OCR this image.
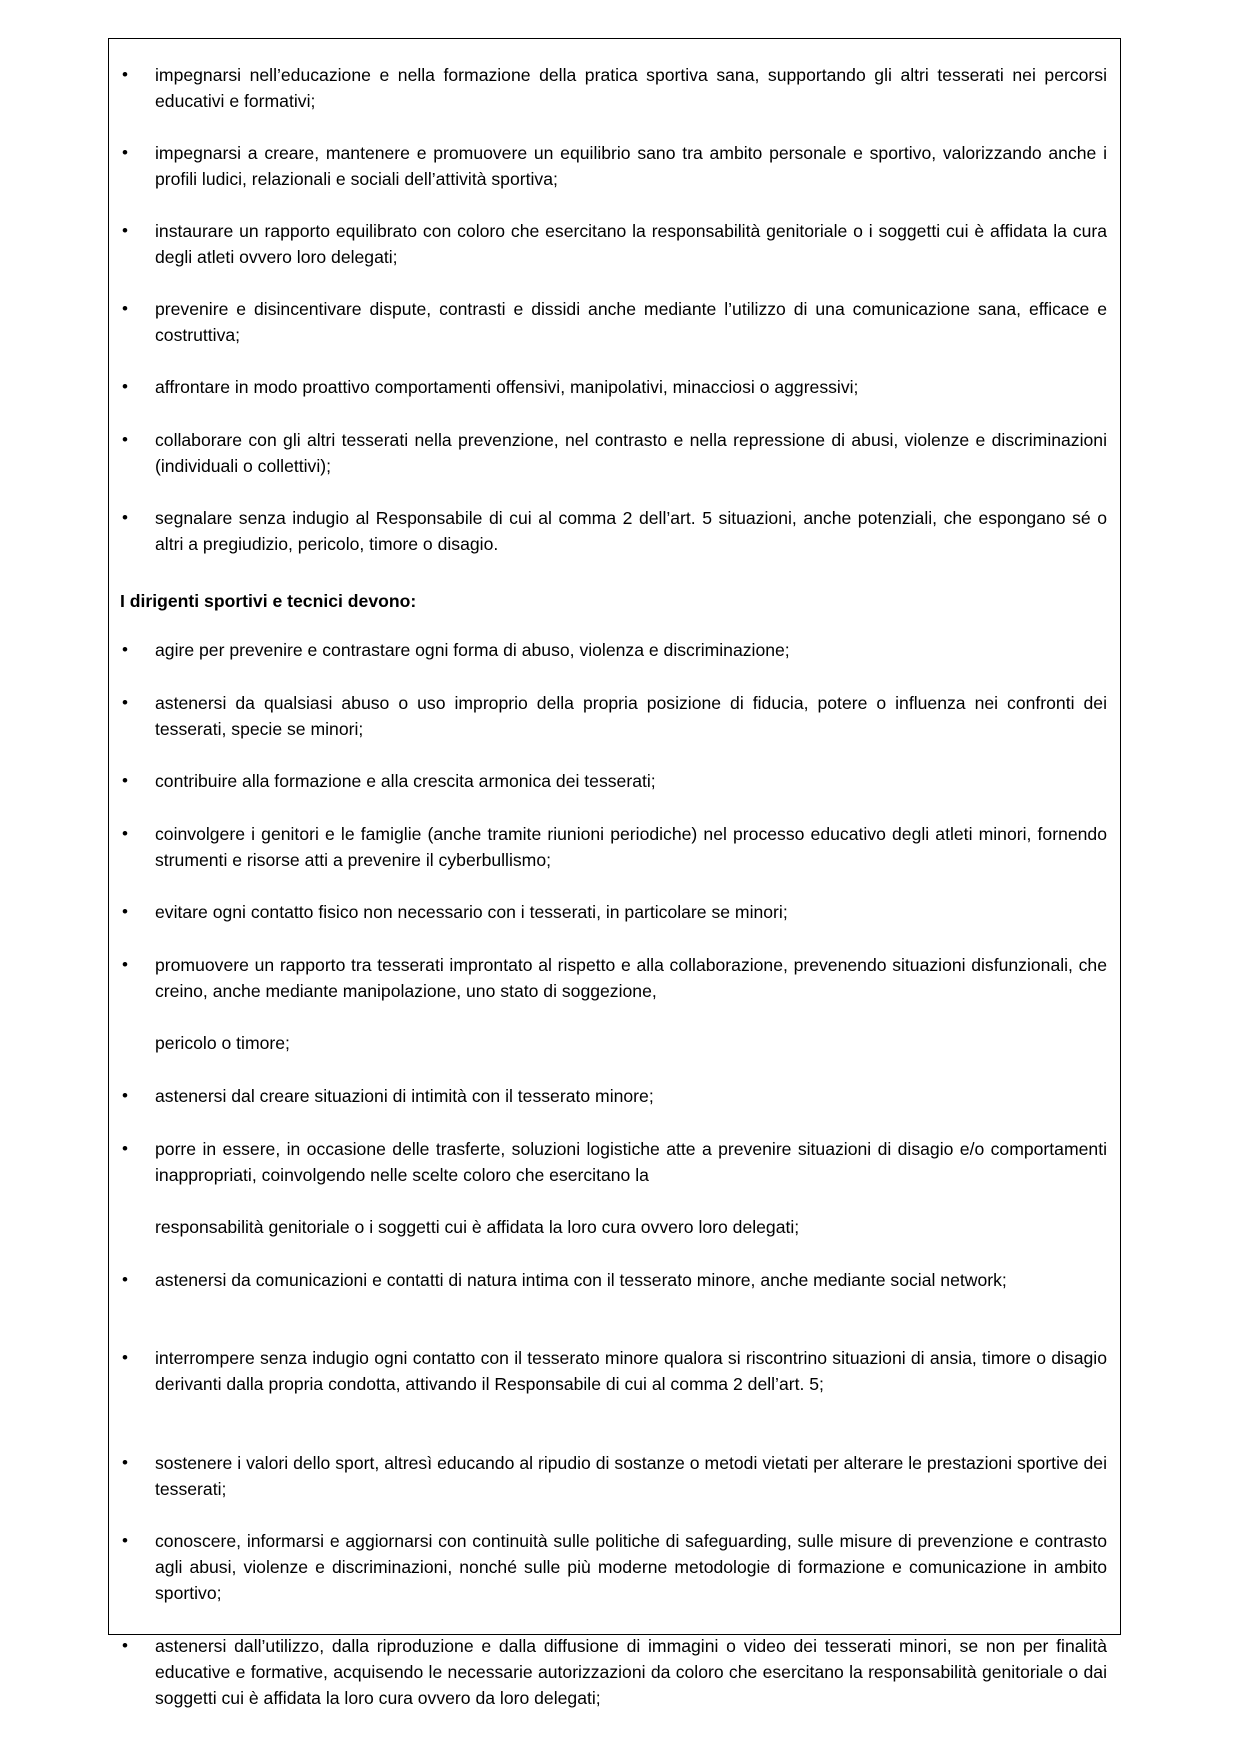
• impegnarsi nell’educazione e nella formazione della pratica sportiva sana, supportando gli altri tesserati nei percorsi educativi e formativi;
• impegnarsi a creare, mantenere e promuovere un equilibrio sano tra ambito personale e sportivo, valorizzando anche i profili ludici, relazionali e sociali dell’attività sportiva;
• instaurare un rapporto equilibrato con coloro che esercitano la responsabilità genitoriale o i soggetti cui è affidata la cura degli atleti ovvero loro delegati;
• prevenire e disincentivare dispute, contrasti e dissidi anche mediante l’utilizzo di una comunicazione sana, efficace e costruttiva;
• affrontare in modo proattivo comportamenti offensivi, manipolativi, minacciosi o aggressivi;
• collaborare con gli altri tesserati nella prevenzione, nel contrasto e nella repressione di abusi, violenze e discriminazioni (individuali o collettivi);
• segnalare senza indugio al Responsabile di cui al comma 2 dell’art. 5 situazioni, anche potenziali, che espongano sé o altri a pregiudizio, pericolo, timore o disagio.
I dirigenti sportivi e tecnici devono:
• agire per prevenire e contrastare ogni forma di abuso, violenza e discriminazione;
• astenersi da qualsiasi abuso o uso improprio della propria posizione di fiducia, potere o influenza nei confronti dei tesserati, specie se minori;
• contribuire alla formazione e alla crescita armonica dei tesserati;
• coinvolgere i genitori e le famiglie (anche tramite riunioni periodiche) nel processo educativo degli atleti minori, fornendo strumenti e risorse atti a prevenire il cyberbullismo;
• evitare ogni contatto fisico non necessario con i tesserati, in particolare se minori;
• promuovere un rapporto tra tesserati improntato al rispetto e alla collaborazione, prevenendo situazioni disfunzionali, che creino, anche mediante manipolazione, uno stato di soggezione,
pericolo o timore;
• astenersi dal creare situazioni di intimità con il tesserato minore;
• porre in essere, in occasione delle trasferte, soluzioni logistiche atte a prevenire situazioni di disagio e/o comportamenti inappropriati, coinvolgendo nelle scelte coloro che esercitano la
responsabilità genitoriale o i soggetti cui è affidata la loro cura ovvero loro delegati;
• astenersi da comunicazioni e contatti di natura intima con il tesserato minore, anche mediante social network;
• interrompere senza indugio ogni contatto con il tesserato minore qualora si riscontrino situazioni di ansia, timore o disagio derivanti dalla propria condotta, attivando il Responsabile di cui al comma 2 dell’art. 5;
• sostenere i valori dello sport, altresì educando al ripudio di sostanze o metodi vietati per alterare le prestazioni sportive dei tesserati;
• conoscere, informarsi e aggiornarsi con continuità sulle politiche di safeguarding, sulle misure di prevenzione e contrasto agli abusi, violenze e discriminazioni, nonché sulle più moderne metodologie di formazione e comunicazione in ambito sportivo;
• astenersi dall’utilizzo, dalla riproduzione e dalla diffusione di immagini o video dei tesserati minori, se non per finalità educative e formative, acquisendo le necessarie autorizzazioni da coloro che esercitano la responsabilità genitoriale o dai soggetti cui è affidata la loro cura ovvero da loro delegati;
